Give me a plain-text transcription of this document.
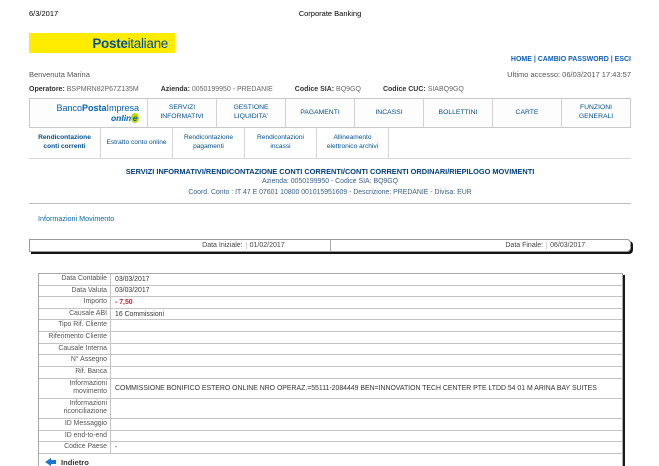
6/3/2017	Corporate Banking
Poste italiane
HOME | CAMBIO PASSWORD | ESCI
Benvenuta Marina	Ultimo accesso: 06/03/2017 17:43:57
Operatore: BSPMRN82P67Z135M	Azienda: 0050199950 - PREDANIE	Codice SIA: BQ9GQ	Codice CUC: SIABQ9GQ
BancoPostaImpresa
onlin e
SERVIZI INFORMATIVI
GESTIONE LIQUIDITA'
PAGAMENTI	INCASSI	BOLLETTINI	CARTE
FUNZIONI GENERALI
Rendicontazione conti correnti
Estratto conto online
Rendicontazione pagamenti
Rendicontazioni incassi
Allineamento elettronico archivi
SERVIZI INFORMATIVI/RENDICONTAZIONE CONTI CORRENTI/CONTI CORRENTI ORDINARI/RIEPILOGO MOVIMENTI
Azienda: 0050199950 - Codice SIA: BQ9GQ
Coord. Conto : IT 47 E 07601 10800 001015951609 - Descrizione: PREDANIE - Divisa: EUR
Informazioni Movimento
Data Iniziale:	01/02/2017	Data Finale:	06/03/2017
Data Contabile	03/03/2017
Data Valuta	03/03/2017
Importo	- 7,50
Causale ABI	16 Commissioni
Tipo Rif. Cliente
Riferimento Cliente
Causale Interna
N° Assegno
Rif. Banca
Informazioni movimento	COMMISSIONE BONIFICO ESTERO ONLINE NRO OPERAZ.=55111-2084449 BEN=INNOVATION TECH CENTER PTE LTDD 54 01 M ARINA BAY SUITES
Informazioni riconciliazione
ID Messaggio
ID end-to-end
Codice Paese	-
Indietro
